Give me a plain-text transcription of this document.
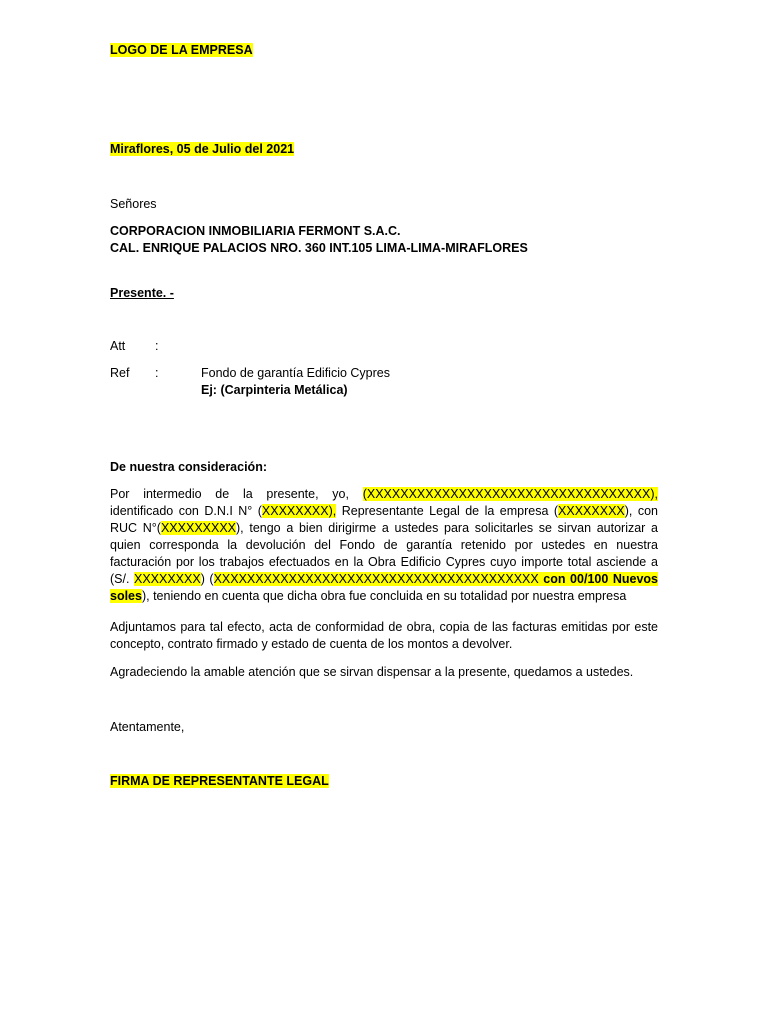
LOGO DE LA EMPRESA
Miraflores, 05 de Julio del 2021
Señores
CORPORACION INMOBILIARIA FERMONT S.A.C.
CAL. ENRIQUE PALACIOS NRO. 360 INT.105 LIMA-LIMA-MIRAFLORES
Presente. -
Att :
Ref :	Fondo de garantía Edificio Cypres
Ej: (Carpinteria Metálica)
De nuestra consideración:
Por intermedio de la presente, yo, (XXXXXXXXXXXXXXXXXXXXXXXXXXXXXXXXXX), identificado con D.N.I N° (XXXXXXXX), Representante Legal de la empresa (XXXXXXXX), con RUC N°(XXXXXXXXX), tengo a bien dirigirme a ustedes para solicitarles se sirvan autorizar a quien corresponda la devolución del Fondo de garantía retenido por ustedes en nuestra facturación por los trabajos efectuados en la Obra Edificio Cypres cuyo importe total asciende a (S/. XXXXXXXX) (XXXXXXXXXXXXXXXXXXXXXXXXXXXXXXXXXXXXXXX con 00/100 Nuevos soles), teniendo en cuenta que dicha obra fue concluida en su totalidad por nuestra empresa
Adjuntamos para tal efecto, acta de conformidad de obra, copia de las facturas emitidas por este concepto, contrato firmado y estado de cuenta de los montos a devolver.
Agradeciendo la amable atención que se sirvan dispensar a la presente, quedamos a ustedes.
Atentamente,
FIRMA DE REPRESENTANTE LEGAL
